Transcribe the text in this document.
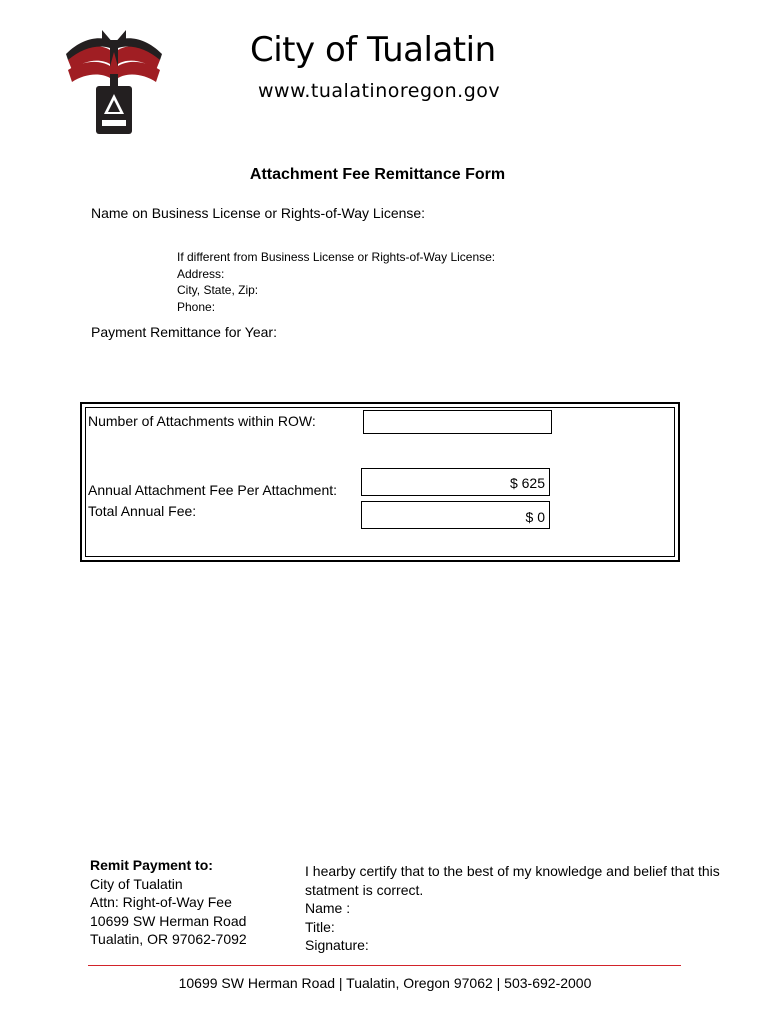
City of Tualatin
www.tualatinoregon.gov
Attachment Fee Remittance Form
Name on Business License or Rights-of-Way License:
If different from Business License or Rights-of-Way License:
Address:
City, State, Zip:
Phone:
Payment Remittance for Year:
Number of Attachments within ROW:
Annual Attachment Fee Per Attachment:	$ 625
Total Annual Fee:	$ 0
Remit Payment to:
City of Tualatin
Attn: Right-of-Way Fee
10699 SW Herman Road
Tualatin, OR 97062-7092
I hearby certify that to the best of my knowledge and belief that this statment is correct.
Name :
Title:
Signature:
10699 SW Herman Road | Tualatin, Oregon 97062 | 503-692-2000
